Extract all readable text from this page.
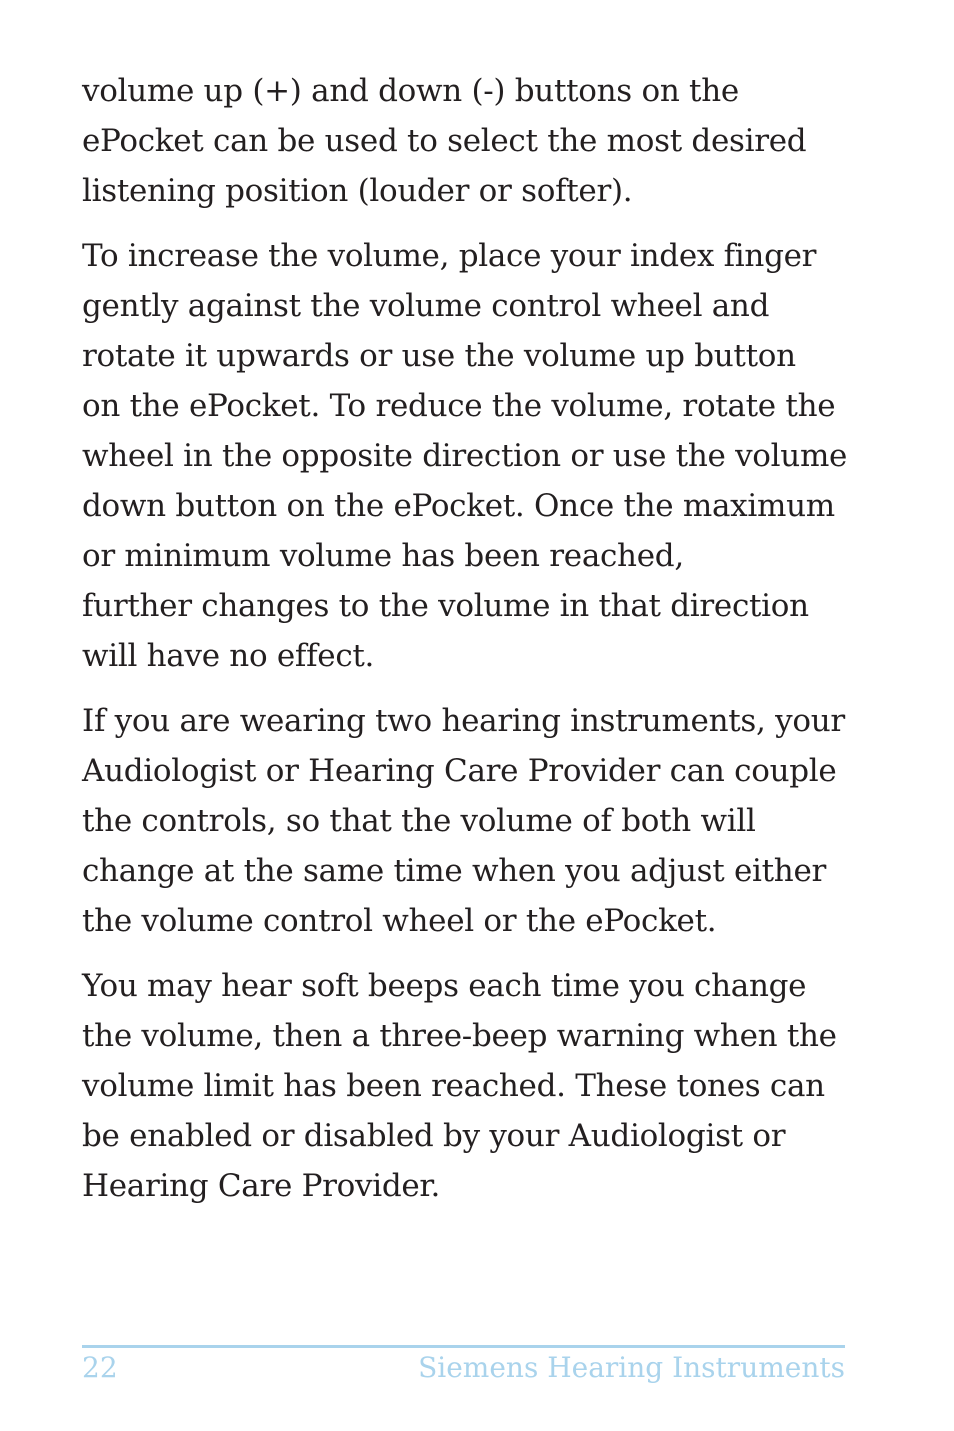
volume up (+) and down (-) buttons on the
ePocket can be used to select the most desired
listening position (louder or softer).

To increase the volume, place your index finger
gently against the volume control wheel and
rotate it upwards or use the volume up button
on the ePocket. To reduce the volume, rotate the
wheel in the opposite direction or use the volume
down button on the ePocket. Once the maximum
or minimum volume has been reached,
further changes to the volume in that direction
will have no effect.

If you are wearing two hearing instruments, your
Audiologist or Hearing Care Provider can couple
the controls, so that the volume of both will
change at the same time when you adjust either
the volume control wheel or the ePocket.

You may hear soft beeps each time you change
the volume, then a three-beep warning when the
volume limit has been reached. These tones can
be enabled or disabled by your Audiologist or
Hearing Care Provider.

22	Siemens Hearing Instruments
